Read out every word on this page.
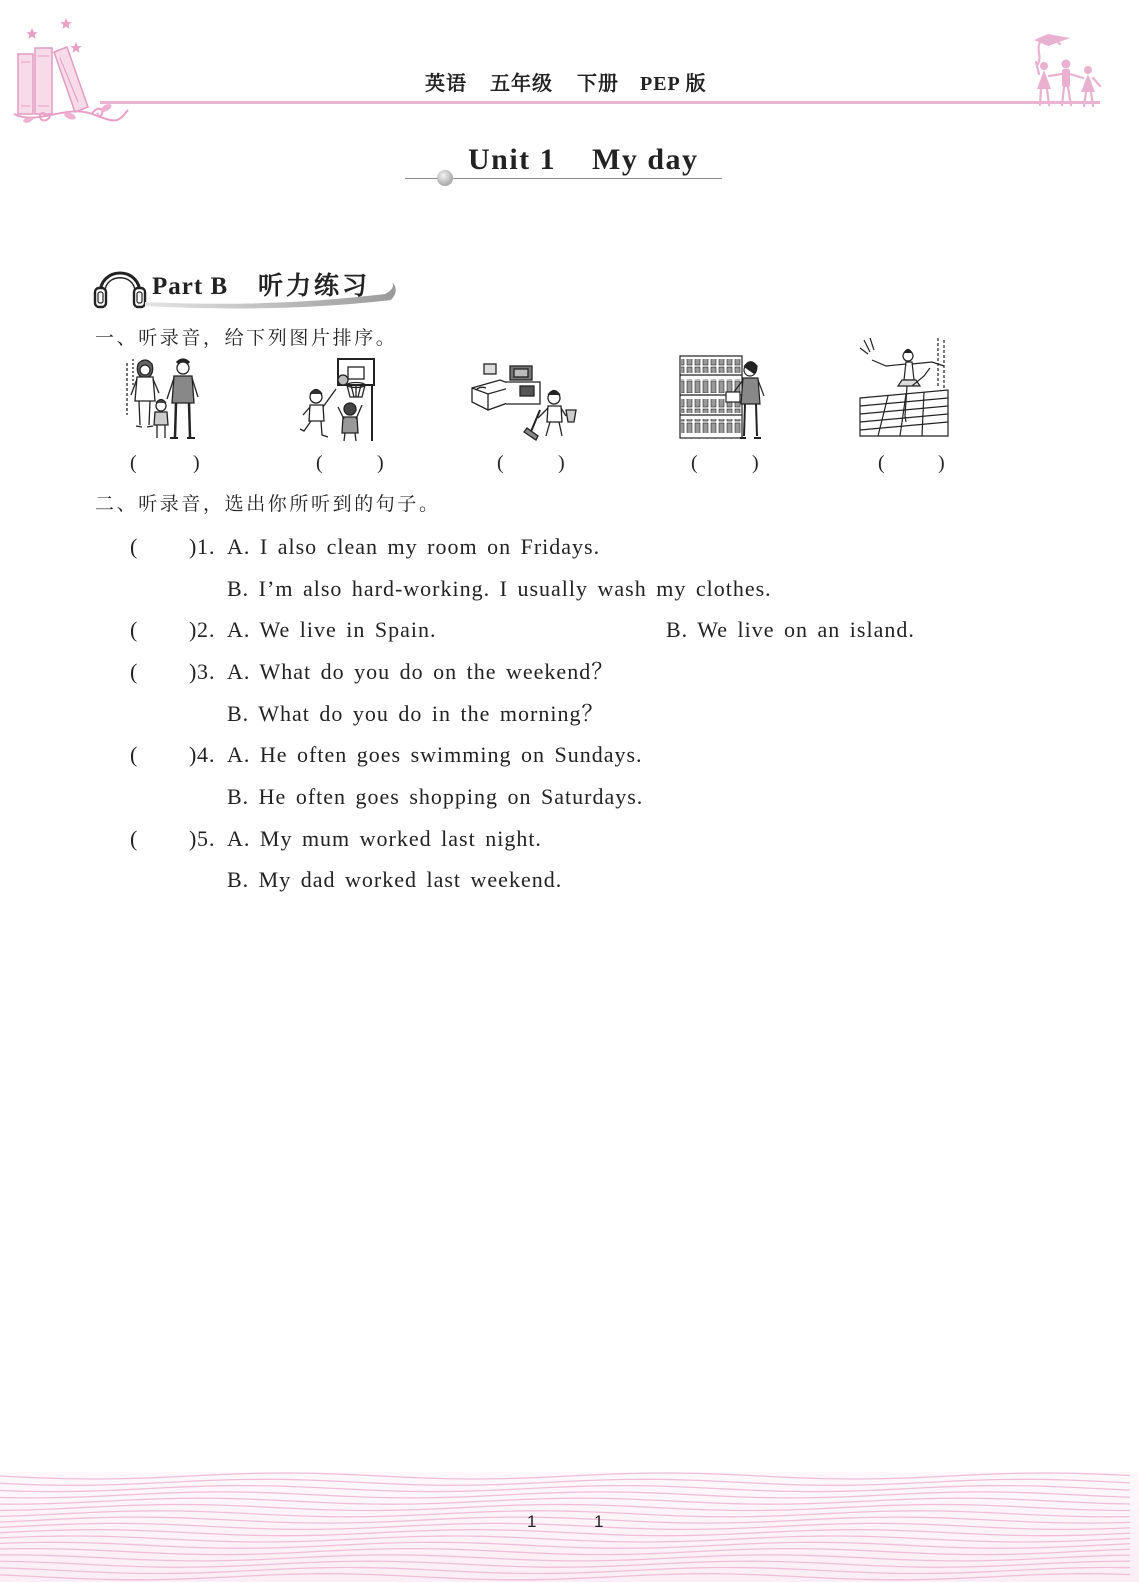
英语 五年级 下册 PEP 版
Unit 1 My day
Part B 听力练习
一、听录音，给下列图片排序。
(	)	(	)	(	)	(	)	(	)
二、听录音，选出你所听到的句子。
( ) 1. A. I also clean my room on Fridays.
B. I’m also hard-working. I usually wash my clothes.
( ) 2. A. We live in Spain.	B. We live on an island.
( ) 3. A. What do you do on the weekend？
B. What do you do in the morning？
( ) 4. A. He often goes swimming on Sundays.
B. He often goes shopping on Saturdays.
( ) 5. A. My mum worked last night.
B. My dad worked last weekend.
1	1
